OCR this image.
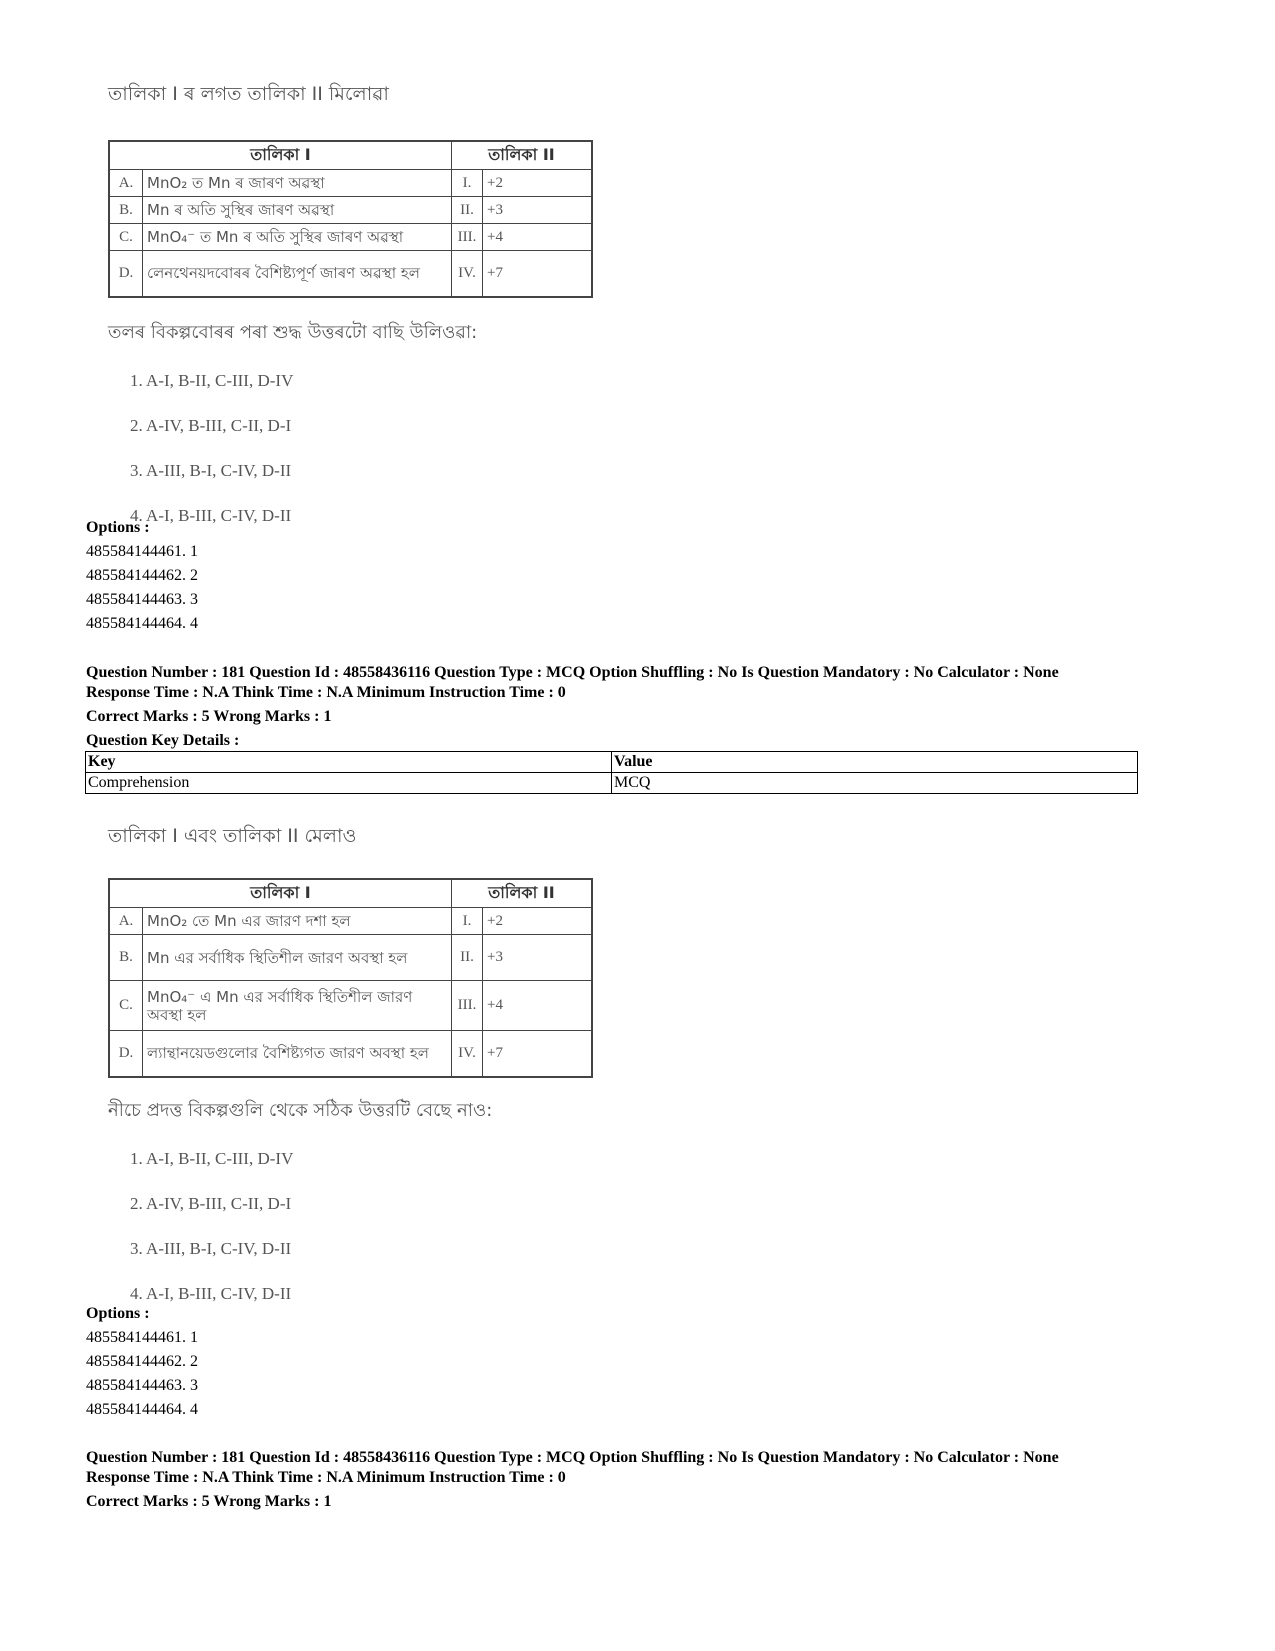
তালিকা I ৰ লগত তালিকা II মিলোৱা
তালিকা I		তালিকা II	
A.	MnO₂ ত Mn ৰ জাৰণ অৱস্থা	I.	+2
B.	Mn ৰ অতি সুস্থিৰ জাৰণ অৱস্থা	II.	+3
C.	MnO₄⁻ ত Mn ৰ অতি সুস্থিৰ জাৰণ অৱস্থা	III.	+4
D.	লেনথেনয়দবোৰৰ বৈশিষ্ট্যপূৰ্ণ জাৰণ অৱস্থা হল	IV.	+7
তলৰ বিকল্পবোৰৰ পৰা শুদ্ধ উত্তৰটো বাছি উলিওৱা:
1. A-I, B-II, C-III, D-IV
2. A-IV, B-III, C-II, D-I
3. A-III, B-I, C-IV, D-II
4. A-I, B-III, C-IV, D-II
Options :
485584144461. 1
485584144462. 2
485584144463. 3
485584144464. 4

Question Number : 181 Question Id : 48558436116 Question Type : MCQ Option Shuffling : No Is Question Mandatory : No Calculator : None

Response Time : N.A Think Time : N.A Minimum Instruction Time : 0

Correct Marks : 5 Wrong Marks : 1

Question Key Details :

Key	Value
Comprehension	MCQ
তালিকা I এবং তালিকা II মেলাও
তালিকা I		তালিকা II	
A.	MnO₂ তে Mn এর জারণ দশা হল	I.	+2
B.	Mn এর সর্বাধিক স্থিতিশীল জারণ অবস্থা হল	II.	+3
C.	MnO₄⁻ এ Mn এর সর্বাধিক স্থিতিশীল জারণ অবস্থা হল	III.	+4
D.	ল্যান্থানয়েডগুলোর বৈশিষ্ট্যগত জারণ অবস্থা হল	IV.	+7
নীচে প্রদত্ত বিকল্পগুলি থেকে সঠিক উত্তরটি বেছে নাও:
1. A-I, B-II, C-III, D-IV
2. A-IV, B-III, C-II, D-I
3. A-III, B-I, C-IV, D-II
4. A-I, B-III, C-IV, D-II
Options :
485584144461. 1
485584144462. 2
485584144463. 3
485584144464. 4

Question Number : 181 Question Id : 48558436116 Question Type : MCQ Option Shuffling : No Is Question Mandatory : No Calculator : None

Response Time : N.A Think Time : N.A Minimum Instruction Time : 0

Correct Marks : 5 Wrong Marks : 1
